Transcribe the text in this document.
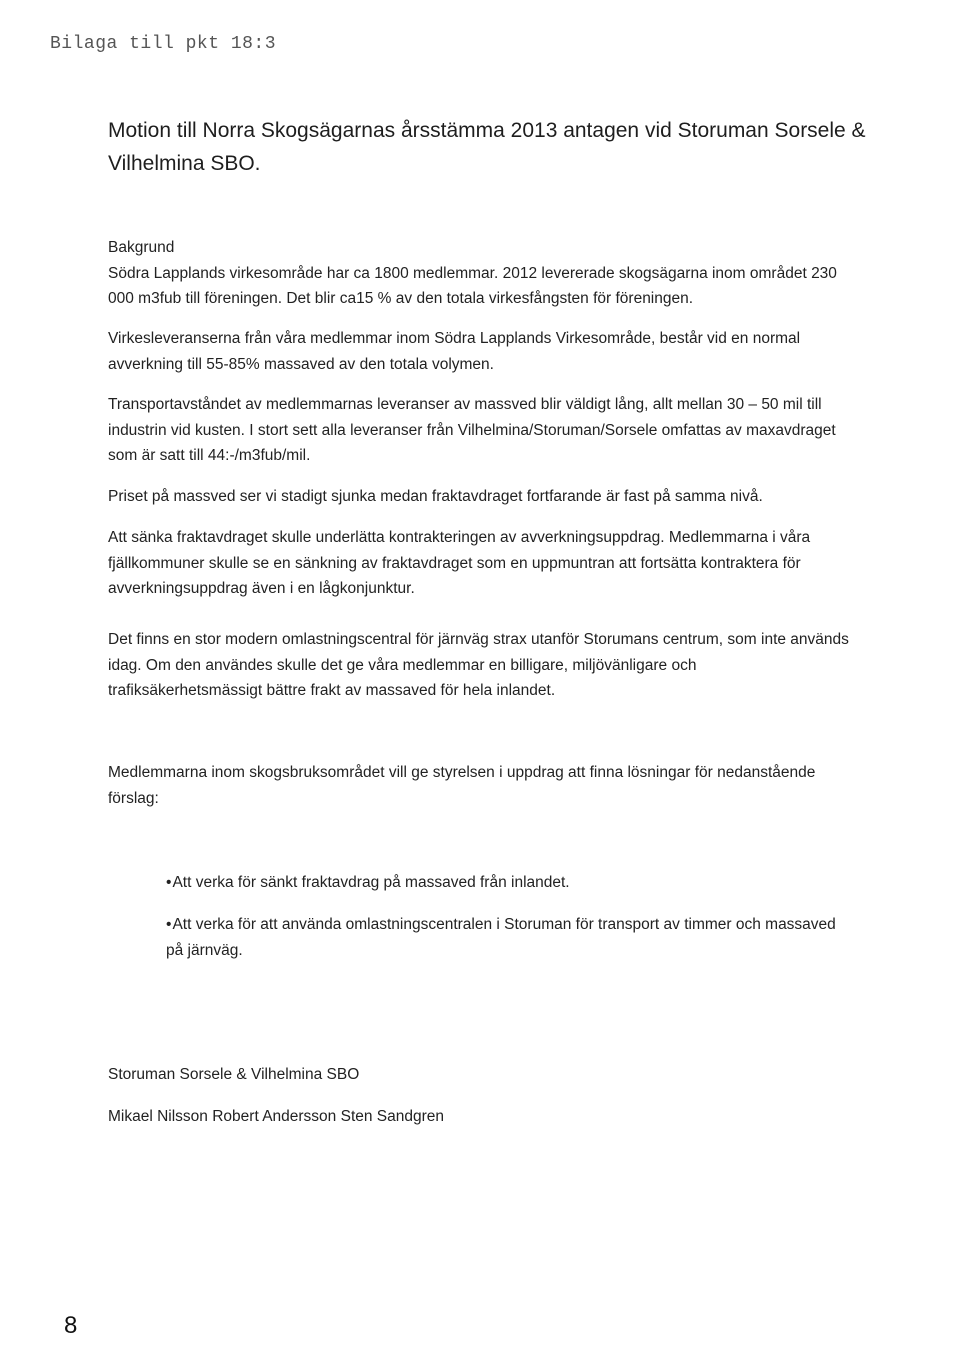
Bilaga till pkt 18:3

Motion till Norra Skogsägarnas årsstämma 2013 antagen vid Storuman Sorsele & Vilhelmina SBO.
Bakgrund
Södra Lapplands virkesområde har ca 1800 medlemmar. 2012 levererade skogsägarna inom området 230 000 m3fub till föreningen. Det blir ca15 % av den totala virkesfångsten för föreningen.

Virkesleveranserna från våra medlemmar inom Södra Lapplands Virkesområde, består vid en normal avverkning till 55-85% massaved av den totala volymen.

Transportavståndet av medlemmarnas leveranser av massved blir väldigt lång, allt mellan 30 – 50 mil till industrin vid kusten. I stort sett alla leveranser från Vilhelmina/Storuman/Sorsele omfattas av maxavdraget som är satt till 44:-/m3fub/mil.

Priset på massved ser vi stadigt sjunka medan fraktavdraget fortfarande är fast på samma nivå.

Att sänka fraktavdraget skulle underlätta kontrakteringen av avverkningsuppdrag. Medlemmarna i våra fjällkommuner skulle se en sänkning av fraktavdraget som en uppmuntran att fortsätta kontraktera för avverkningsuppdrag även i en lågkonjunktur.

Det finns en stor modern omlastningscentral för järnväg strax utanför Storumans centrum, som inte används idag. Om den användes skulle det ge våra medlemmar en billigare, miljövänligare och trafiksäkerhetsmässigt bättre frakt av massaved för hela inlandet.

Medlemmarna inom skogsbruksområdet vill ge styrelsen i uppdrag att finna lösningar för nedanstående förslag:

•Att verka för sänkt fraktavdrag på massaved från inlandet.

•Att verka för att använda omlastningscentralen i Storuman för transport av timmer och massaved på järnväg.

Storuman Sorsele & Vilhelmina SBO

Mikael Nilsson Robert Andersson Sten Sandgren

8
